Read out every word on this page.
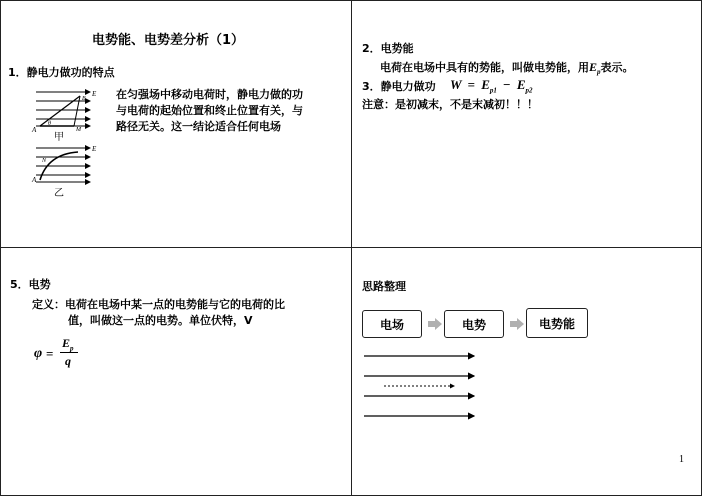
电势能、电势差分析（1）
1．静电力做功的特点
E
A
B
M
θ
甲
E
A
N
乙
在匀强场中移动电荷时，静电力做的功
与电荷的起始位置和终止位置有关，与
路径无关。这一结论适合任何电场
2．电势能
电荷在电场中具有的势能，叫做电势能，用$E_p$表示。
3．静电力做功 $W = E_{p1} - E_{p2}$
注意：是初减末，不是末减初！！！
5．电势
定义：电荷在电场中某一点的电势能与它的电荷的比
值，叫做这一点的电势。单位伏特，V
φ =
$E_p$
q
思路整理
电场	电势	电势能
1
